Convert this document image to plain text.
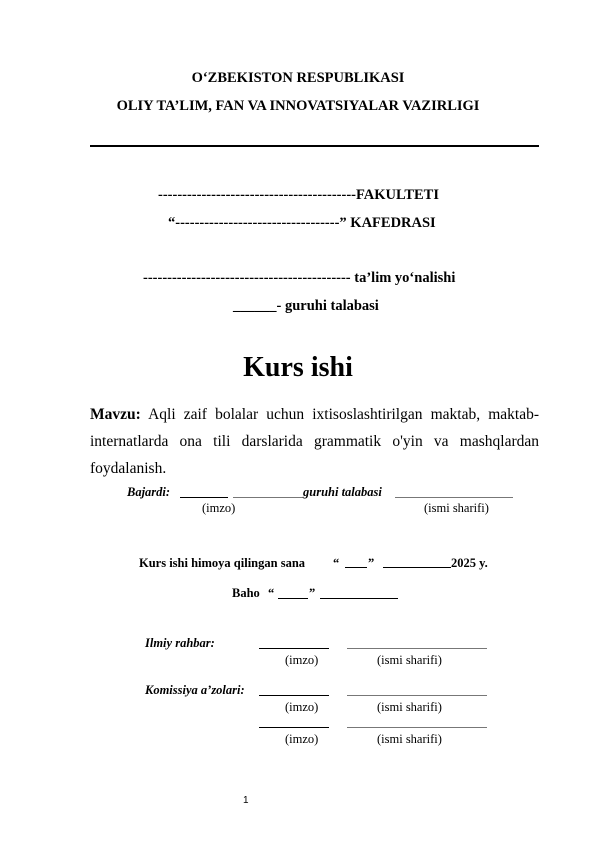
O‘ZBEKISTON RESPUBLIKASI
OLIY TA’LIM, FAN VA INNOVATSIYALAR VAZIRLIGI
-----------------------------------------FAKULTETI
“----------------------------------” KAFEDRASI
------------------------------------------- ta’lim yo‘nalishi
______- guruhi talabasi
Kurs ishi
Mavzu: Aqli zaif bolalar uchun ixtisoslashtirilgan maktab, maktab-internatlarda ona tili darslarida grammatik o'yin va mashqlardan foydalanish.
Bajardi:	guruhi talabasi
(imzo)	(ismi sharifi)
Kurs ishi himoya qilingan sana “ ”	2025 y.
Baho “	”
Ilmiy rahbar:
(imzo)	(ismi sharifi)
Komissiya a’zolari:
(imzo)	(ismi sharifi)
(imzo)	(ismi sharifi)
1
